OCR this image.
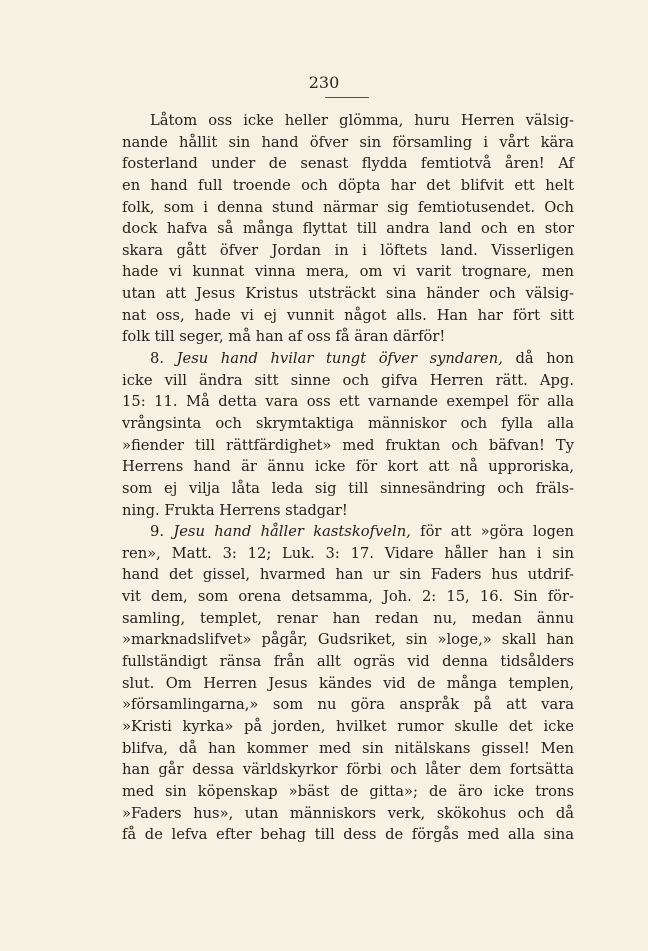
230
Låtom oss icke heller glömma, huru Herren välsig-
nande hållit sin hand öfver sin församling i vårt kära
fosterland under de senast flydda femtiotvå åren! Af
en hand full troende och döpta har det blifvit ett helt
folk, som i denna stund närmar sig femtiotusendet. Och
dock hafva så många flyttat till andra land och en stor
skara gått öfver Jordan in i löftets land. Visserligen
hade vi kunnat vinna mera, om vi varit trognare, men
utan att Jesus Kristus utsträckt sina händer och välsig-
nat oss, hade vi ej vunnit något alls. Han har fört sitt
folk till seger, må han af oss få äran därför!
8. Jesu hand hvilar tungt öfver syndaren, då hon
icke vill ändra sitt sinne och gifva Herren rätt. Apg.
15: 11. Må detta vara oss ett varnande exempel för alla
vrångsinta och skrymtaktiga människor och fylla alla
»fiender till rättfärdighet» med fruktan och bäfvan! Ty
Herrens hand är ännu icke för kort att nå upproriska,
som ej vilja låta leda sig till sinnesändring och fräls-
ning. Frukta Herrens stadgar!
9. Jesu hand håller kastskofveln, för att »göra logen
ren», Matt. 3: 12; Luk. 3: 17. Vidare håller han i sin
hand det gissel, hvarmed han ur sin Faders hus utdrif-
vit dem, som orena detsamma, Joh. 2: 15, 16. Sin för-
samling, templet, renar han redan nu, medan ännu
»marknadslifvet» pågår, Gudsriket, sin »loge,» skall han
fullständigt ränsa från allt ogräs vid denna tidsålders
slut. Om Herren Jesus kändes vid de många templen,
»församlingarna,» som nu göra anspråk på att vara
»Kristi kyrka» på jorden, hvilket rumor skulle det icke
blifva, då han kommer med sin nitälskans gissel! Men
han går dessa världskyrkor förbi och låter dem fortsätta
med sin köpenskap »bäst de gitta»; de äro icke trons
»Faders hus», utan människors verk, skökohus och då
få de lefva efter behag till dess de förgås med alla sina
